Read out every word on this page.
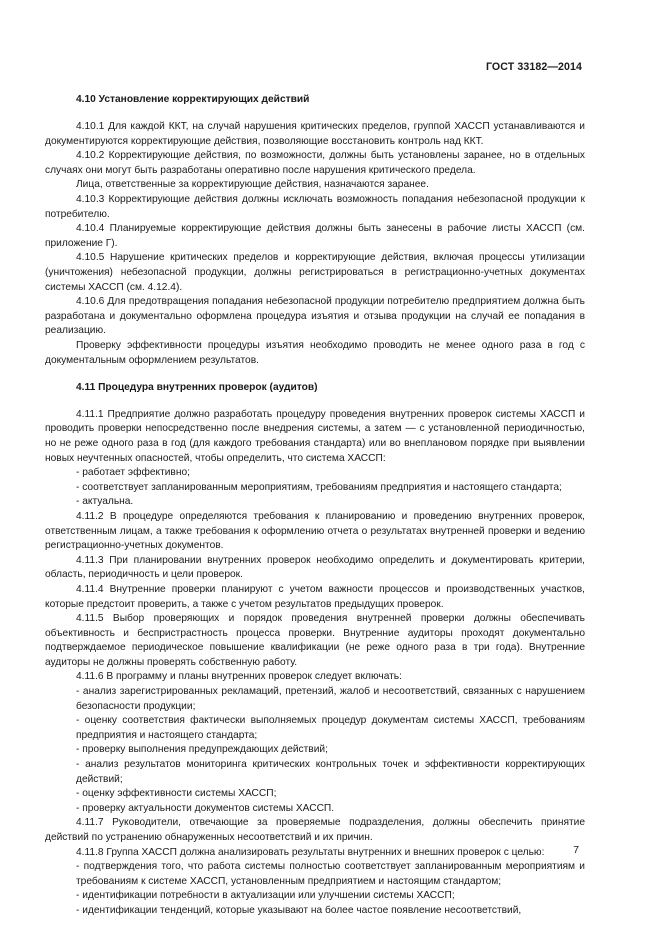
ГОСТ 33182—2014
4.10 Установление корректирующих действий

4.10.1 Для каждой ККТ, на случай нарушения критических пределов, группой ХАССП устанавливаются и документируются корректирующие действия, позволяющие восстановить контроль над ККТ.

4.10.2 Корректирующие действия, по возможности, должны быть установлены заранее, но в отдельных случаях они могут быть разработаны оперативно после нарушения критического предела.

Лица, ответственные за корректирующие действия, назначаются заранее.

4.10.3 Корректирующие действия должны исключать возможность попадания небезопасной продукции к потребителю.

4.10.4 Планируемые корректирующие действия должны быть занесены в рабочие листы ХАССП (см. приложение Г).

4.10.5 Нарушение критических пределов и корректирующие действия, включая процессы утилизации (уничтожения) небезопасной продукции, должны регистрироваться в регистрационно-учетных документах системы ХАССП (см. 4.12.4).

4.10.6 Для предотвращения попадания небезопасной продукции потребителю предприятием должна быть разработана и документально оформлена процедура изъятия и отзыва продукции на случай ее попадания в реализацию.

Проверку эффективности процедуры изъятия необходимо проводить не менее одного раза в год с документальным оформлением результатов.

4.11 Процедура внутренних проверок (аудитов)

4.11.1 Предприятие должно разработать процедуру проведения внутренних проверок системы ХАССП и проводить проверки непосредственно после внедрения системы, а затем — с установленной периодичностью, но не реже одного раза в год (для каждого требования стандарта) или во внеплановом порядке при выявлении новых неучтенных опасностей, чтобы определить, что система ХАССП:

- работает эффективно;

- соответствует запланированным мероприятиям, требованиям предприятия и настоящего стандарта;

- актуальна.

4.11.2 В процедуре определяются требования к планированию и проведению внутренних проверок, ответственным лицам, а также требования к оформлению отчета о результатах внутренней проверки и ведению регистрационно-учетных документов.

4.11.3 При планировании внутренних проверок необходимо определить и документировать критерии, область, периодичность и цели проверок.

4.11.4 Внутренние проверки планируют с учетом важности процессов и производственных участков, которые предстоит проверить, а также с учетом результатов предыдущих проверок.

4.11.5 Выбор проверяющих и порядок проведения внутренней проверки должны обеспечивать объективность и беспристрастность процесса проверки. Внутренние аудиторы проходят документально подтверждаемое периодическое повышение квалификации (не реже одного раза в три года). Внутренние аудиторы не должны проверять собственную работу.

4.11.6 В программу и планы внутренних проверок следует включать:

- анализ зарегистрированных рекламаций, претензий, жалоб и несоответствий, связанных с нарушением безопасности продукции;

- оценку соответствия фактически выполняемых процедур документам системы ХАССП, требованиям предприятия и настоящего стандарта;

- проверку выполнения предупреждающих действий;

- анализ результатов мониторинга критических контрольных точек и эффективности корректирующих действий;

- оценку эффективности системы ХАССП;

- проверку актуальности документов системы ХАССП.

4.11.7 Руководители, отвечающие за проверяемые подразделения, должны обеспечить принятие действий по устранению обнаруженных несоответствий и их причин.

4.11.8 Группа ХАССП должна анализировать результаты внутренних и внешних проверок с целью:

- подтверждения того, что работа системы полностью соответствует запланированным мероприятиям и требованиям к системе ХАССП, установленным предприятием и настоящим стандартом;

- идентификации потребности в актуализации или улучшении системы ХАССП;

- идентификации тенденций, которые указывают на более частое появление несоответствий,

7
